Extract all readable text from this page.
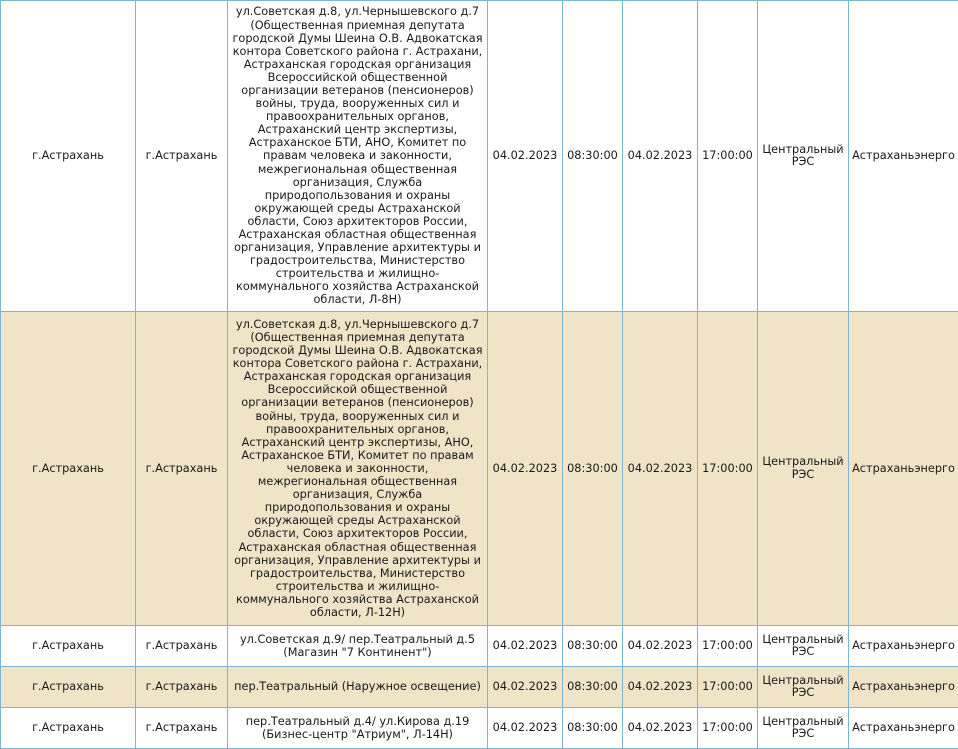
г.Астрахань	г.Астрахань	ул.Советская д.8, ул.Чернышевского д.7 (Общественная приемная депутата городской Думы Шеина О.В. Адвокатская контора Советского района г. Астрахани, Астраханская городская организация Всероссийской общественной организации ветеранов (пенсионеров) войны, труда, вооруженных сил и правоохранительных органов, Астраханский центр экспертизы, Астраханское БТИ, АНО, Комитет по правам человека и законности, межрегиональная общественная организация, Служба природопользования и охраны окружающей среды Астраханской области, Союз архитекторов России, Астраханская областная общественная организация, Управление архитектуры и градостроительства, Министерство строительства и жилищно-коммунального хозяйства Астраханской области, Л-8Н)	04.02.2023	08:30:00	04.02.2023	17:00:00	Центральный РЭС	Астраханьэнерго
г.Астрахань	г.Астрахань	ул.Советская д.8, ул.Чернышевского д.7 (Общественная приемная депутата городской Думы Шеина О.В. Адвокатская контора Советского района г. Астрахани, Астраханская городская организация Всероссийской общественной организации ветеранов (пенсионеров) войны, труда, вооруженных сил и правоохранительных органов, Астраханский центр экспертизы, АНО, Астраханское БТИ, Комитет по правам человека и законности, межрегиональная общественная организация, Служба природопользования и охраны окружающей среды Астраханской области, Союз архитекторов России, Астраханская областная общественная организация, Управление архитектуры и градостроительства, Министерство строительства и жилищно-коммунального хозяйства Астраханской области, Л-12Н)	04.02.2023	08:30:00	04.02.2023	17:00:00	Центральный РЭС	Астраханьэнерго
г.Астрахань	г.Астрахань	ул.Советская д.9/ пер.Театральный д.5 (Магазин "7 Континент")	04.02.2023	08:30:00	04.02.2023	17:00:00	Центральный РЭС	Астраханьэнерго
г.Астрахань	г.Астрахань	пер.Театральный (Наружное освещение)	04.02.2023	08:30:00	04.02.2023	17:00:00	Центральный РЭС	Астраханьэнерго
г.Астрахань	г.Астрахань	пер.Театральный д.4/ ул.Кирова д.19 (Бизнес-центр "Атриум", Л-14Н)	04.02.2023	08:30:00	04.02.2023	17:00:00	Центральный РЭС	Астраханьэнерго
